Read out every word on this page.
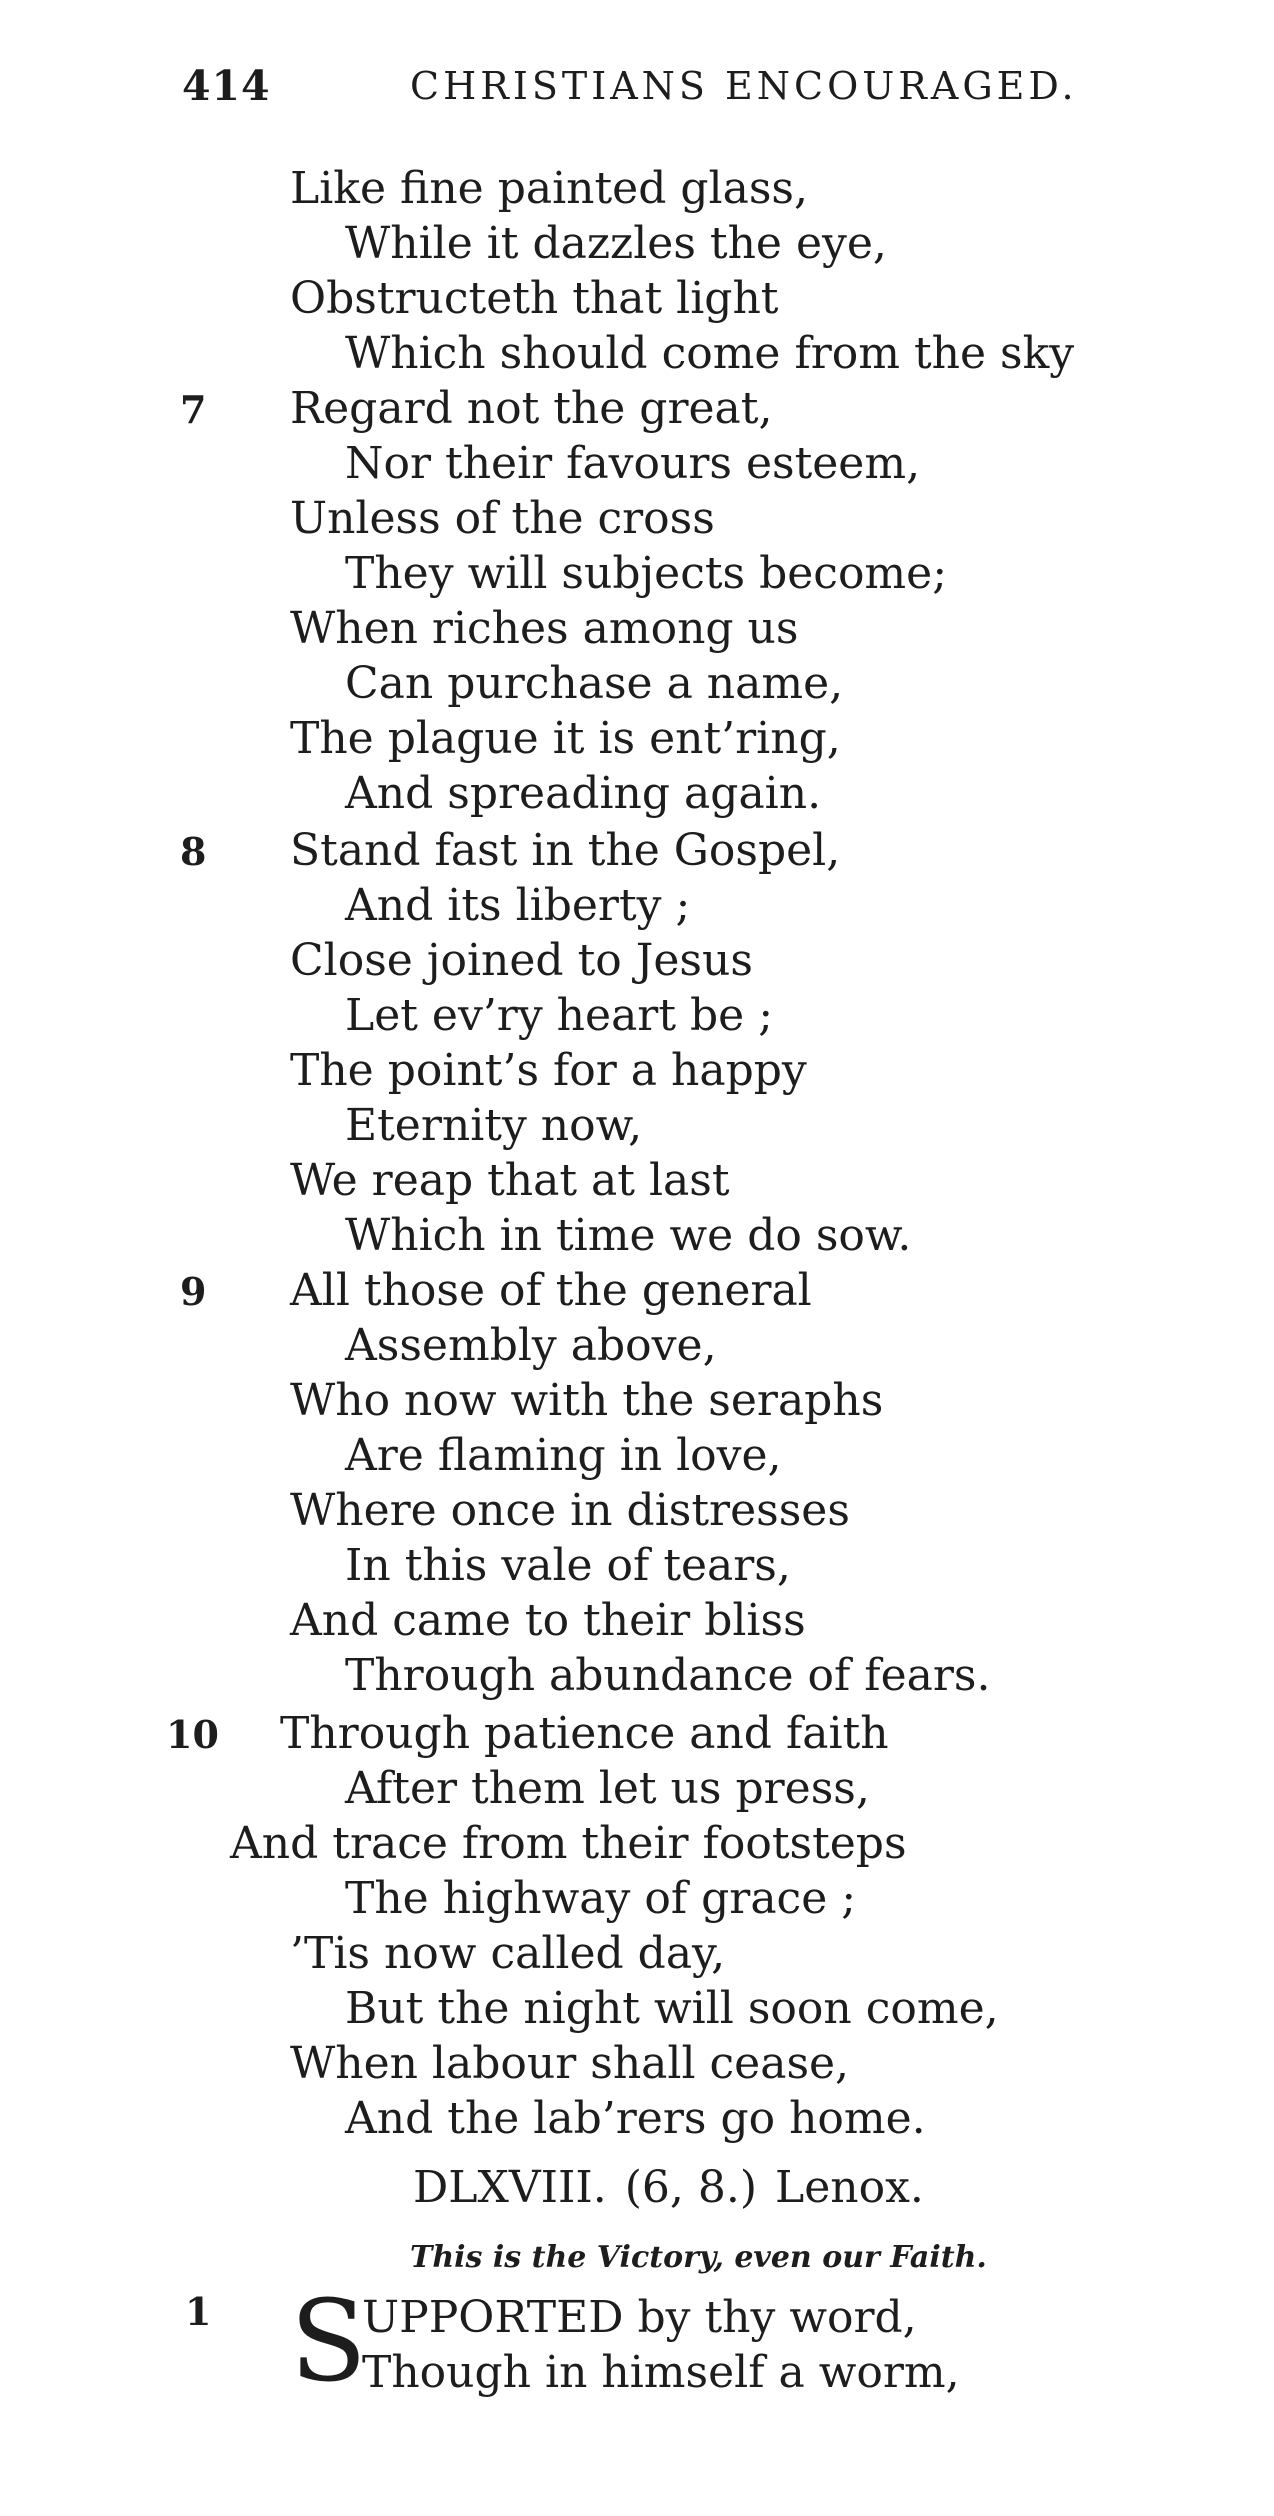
414	CHRISTIANS ENCOURAGED.
7
8
9
10
1
Like fine painted glass,
While it dazzles the eye,
Obstructeth that light
Which should come from the sky
Regard not the great,
Nor their favours esteem,
Unless of the cross
They will subjects become;
When riches among us
Can purchase a name,
The plague it is ent’ring,
And spreading again.
Stand fast in the Gospel,
And its liberty ;
Close joined to Jesus
Let ev’ry heart be ;
The point’s for a happy
Eternity now,
We reap that at last
Which in time we do sow.
All those of the general
Assembly above,
Who now with the seraphs
Are flaming in love,
Where once in distresses
In this vale of tears,
And came to their bliss
Through abundance of fears.
Through patience and faith
After them let us press,
And trace from their footsteps
The highway of grace ;
’Tis now called day,
But the night will soon come,
When labour shall cease,
And the lab’rers go home.
DLXVIII. (6, 8.) Lenox.
This is the Victory, even our Faith.
S
UPPORTED by thy word,
Though in himself a worm,
